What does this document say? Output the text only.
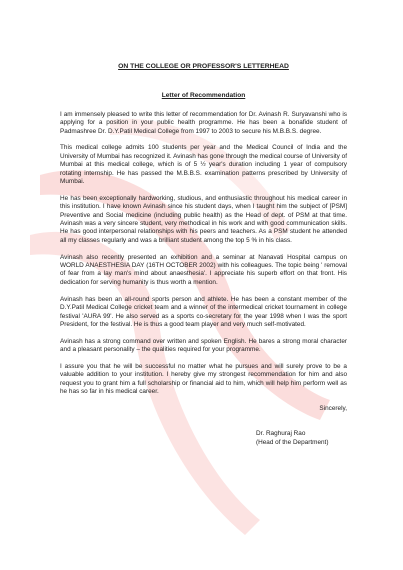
ON THE COLLEGE OR PROFESSOR'S LETTERHEAD
Letter of Recommendation

I am immensely pleased to write this letter of recommendation for Dr. Avinash R. Suryavanshi who is applying for a position in your public health programme. He has been a bonafide student of Padmashree Dr. D.Y.Patil Medical College from 1997 to 2003 to secure his M.B.B.S. degree.

This medical college admits 100 students per year and the Medical Council of India and the University of Mumbai has recognized it. Avinash has gone through the medical course of University of Mumbai at this medical college, which is of 5 ½ year's duration including 1 year of compulsory rotating internship. He has passed the M.B.B.S. examination patterns prescribed by University of Mumbai.

He has been exceptionally hardworking, studious, and enthusiastic throughout his medical career in this institution. I have known Avinash since his student days, when I taught him the subject of [PSM] Preventive and Social medicine (including public health) as the Head of dept. of PSM at that time. Avinash was a very sincere student, very methodical in his work and with good communication skills. He has good interpersonal relationships with his peers and teachers. As a PSM student he attended all my classes regularly and was a brilliant student among the top 5 % in his class.

Avinash also recently presented an exhibition and a seminar at Nanavati Hospital campus on WORLD ANAESTHESIA DAY (16TH OCTOBER 2002) with his colleagues. The topic being ' removal of fear from a lay man's mind about anaesthesia'. I appreciate his superb effort on that front. His dedication for serving humanity is thus worth a mention.

Avinash has been an all-round sports person and athlete. He has been a constant member of the D.Y.Patil Medical College cricket team and a winner of the intermedical cricket tournament in college festival 'AURA 99'. He also served as a sports co-secretary for the year 1998 when I was the sport President, for the festival. He is thus a good team player and very much self-motivated.

Avinash has a strong command over written and spoken English. He bares a strong moral character and a pleasant personality – the qualities required for your programme.

I assure you that he will be successful no matter what he pursues and will surely prove to be a valuable addition to your institution. I hereby give my strongest recommendation for him and also request you to grant him a full scholarship or financial aid to him, which will help him perform well as he has so far in his medical career.

Sincerely,
Dr. Raghuraj Rao
(Head of the Department)
